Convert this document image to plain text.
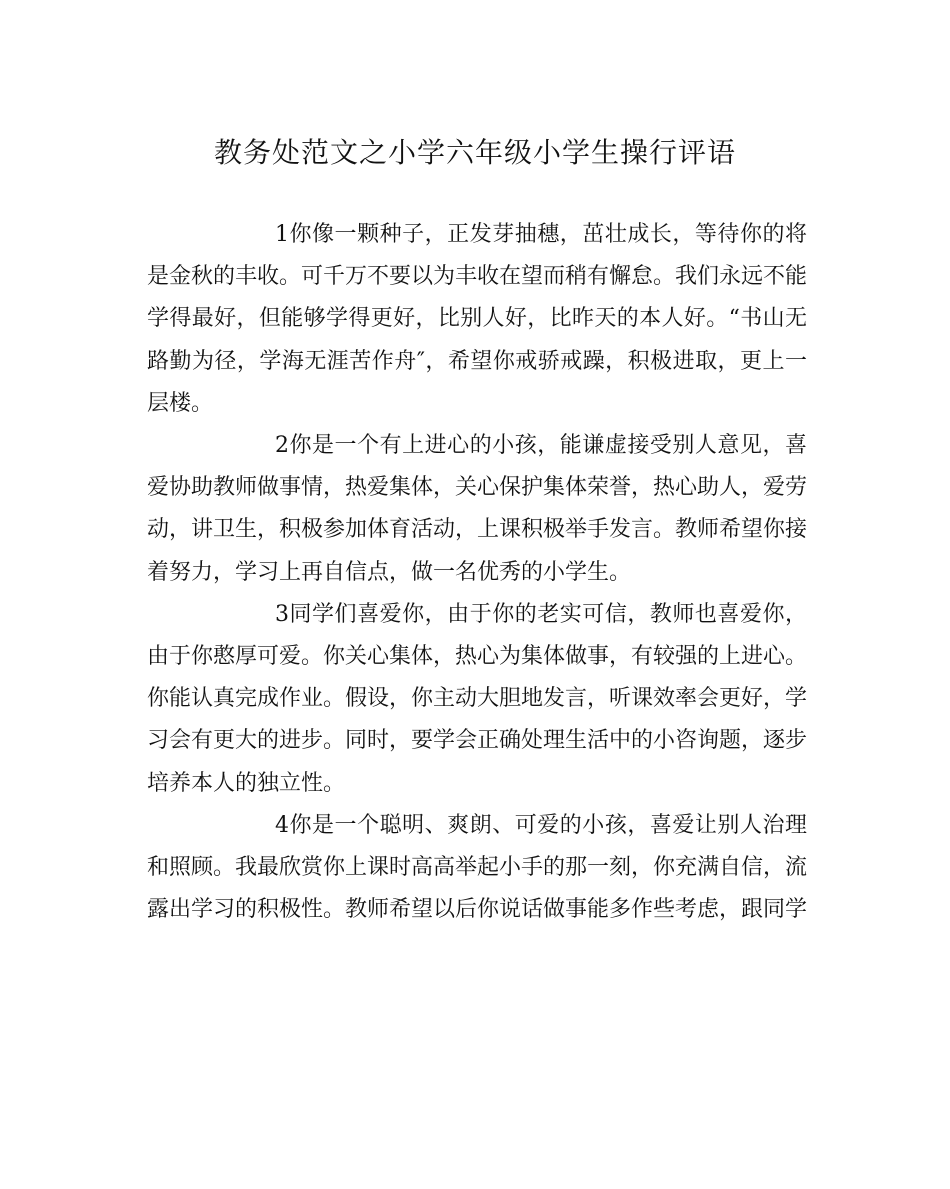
教务处范文之小学六年级小学生操行评语

1你像一颗种子，正发芽抽穗，茁壮成长，等待你的将是金秋的丰收。可千万不要以为丰收在望而稍有懈怠。我们永远不能学得最好，但能够学得更好，比别人好，比昨天的本人好。“书山无路勤为径，学海无涯苦作舟″，希望你戒骄戒躁，积极进取，更上一层楼。

2你是一个有上进心的小孩，能谦虚接受别人意见，喜爱协助教师做事情，热爱集体，关心保护集体荣誉，热心助人，爱劳动，讲卫生，积极参加体育活动，上课积极举手发言。教师希望你接着努力，学习上再自信点，做一名优秀的小学生。

3同学们喜爱你，由于你的老实可信，教师也喜爱你，由于你憨厚可爱。你关心集体，热心为集体做事，有较强的上进心。你能认真完成作业。假设，你主动大胆地发言，听课效率会更好，学习会有更大的进步。同时，要学会正确处理生活中的小咨询题，逐步培养本人的独立性。

4你是一个聪明、爽朗、可爱的小孩，喜爱让别人治理和照顾。我最欣赏你上课时高高举起小手的那一刻，你充满自信，流露出学习的积极性。教师希望以后你说话做事能多作些考虑，跟同学
